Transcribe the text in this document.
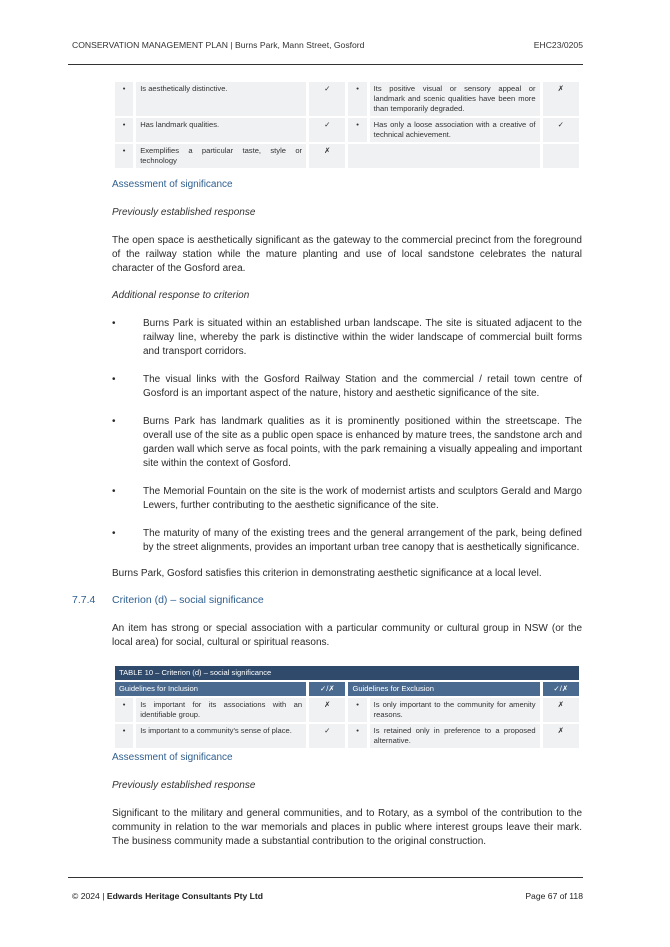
CONSERVATION MANAGEMENT PLAN | Burns Park, Mann Street, Gosford	EHC23/0205
•	Is aesthetically distinctive.	✓	•	Its positive visual or sensory appeal or landmark and scenic qualities have been more than temporarily degraded.	✗
•	Has landmark qualities.	✓	•	Has only a loose association with a creative of technical achievement.	✓
•	Exemplifies a particular taste, style or technology	✗			
Assessment of significance
Previously established response
The open space is aesthetically significant as the gateway to the commercial precinct from the foreground of the railway station while the mature planting and use of local sandstone celebrates the natural character of the Gosford area.
Additional response to criterion
•	Burns Park is situated within an established urban landscape. The site is situated adjacent to the railway line, whereby the park is distinctive within the wider landscape of commercial built forms and transport corridors.
•	The visual links with the Gosford Railway Station and the commercial / retail town centre of Gosford is an important aspect of the nature, history and aesthetic significance of the site.
•	Burns Park has landmark qualities as it is prominently positioned within the streetscape. The overall use of the site as a public open space is enhanced by mature trees, the sandstone arch and garden wall which serve as focal points, with the park remaining a visually appealing and important site within the context of Gosford.
•	The Memorial Fountain on the site is the work of modernist artists and sculptors Gerald and Margo Lewers, further contributing to the aesthetic significance of the site.
•	The maturity of many of the existing trees and the general arrangement of the park, being defined by the street alignments, provides an important urban tree canopy that is aesthetically significance.
Burns Park, Gosford satisfies this criterion in demonstrating aesthetic significance at a local level.
7.7.4 Criterion (d) – social significance
An item has strong or special association with a particular community or cultural group in NSW (or the local area) for social, cultural or spiritual reasons.
TABLE 10 – Criterion (d) – social significance					
Guidelines for Inclusion		✓/✗	Guidelines for Exclusion		✓/✗
•	Is important for its associations with an identifiable group.	✗	•	Is only important to the community for amenity reasons.	✗
•	Is important to a community's sense of place.	✓	•	Is retained only in preference to a proposed alternative.	✗
Assessment of significance
Previously established response
Significant to the military and general communities, and to Rotary, as a symbol of the contribution to the community in relation to the war memorials and places in public where interest groups leave their mark. The business community made a substantial contribution to the original construction.
© 2024 | Edwards Heritage Consultants Pty Ltd	Page 67 of 118
